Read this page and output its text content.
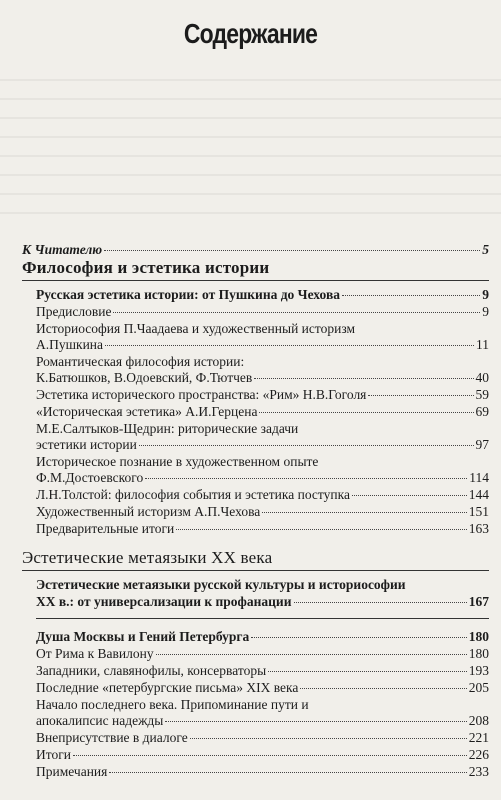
Содержание
К Читателю	5
Философия и эстетика истории
Русская эстетика истории: от Пушкина до Чехова	9
Предисловие	9
Историософия П.Чаадаева и художественный историзм
А.Пушкина	11
Романтическая философия истории:
К.Батюшков, В.Одоевский, Ф.Тютчев	40
Эстетика исторического пространства: «Рим» Н.В.Гоголя	59
«Историческая эстетика» А.И.Герцена	69
М.Е.Салтыков-Щедрин: риторические задачи
эстетики истории	97
Историческое познание в художественном опыте
Ф.М.Достоевского	114
Л.Н.Толстой: философия события и эстетика поступка	144
Художественный историзм А.П.Чехова	151
Предварительные итоги	163
Эстетические метаязыки XX века
Эстетические метаязыки русской культуры и историософии
XX в.: от универсализации к профанации	167
Душа Москвы и Гений Петербурга	180
От Рима к Вавилону	180
Западники, славянофилы, консерваторы	193
Последние «петербургские письма» XIX века	205
Начало последнего века. Припоминание пути и
апокалипсис надежды	208
Внеприсутствие в диалоге	221
Итоги	226
Примечания	233
